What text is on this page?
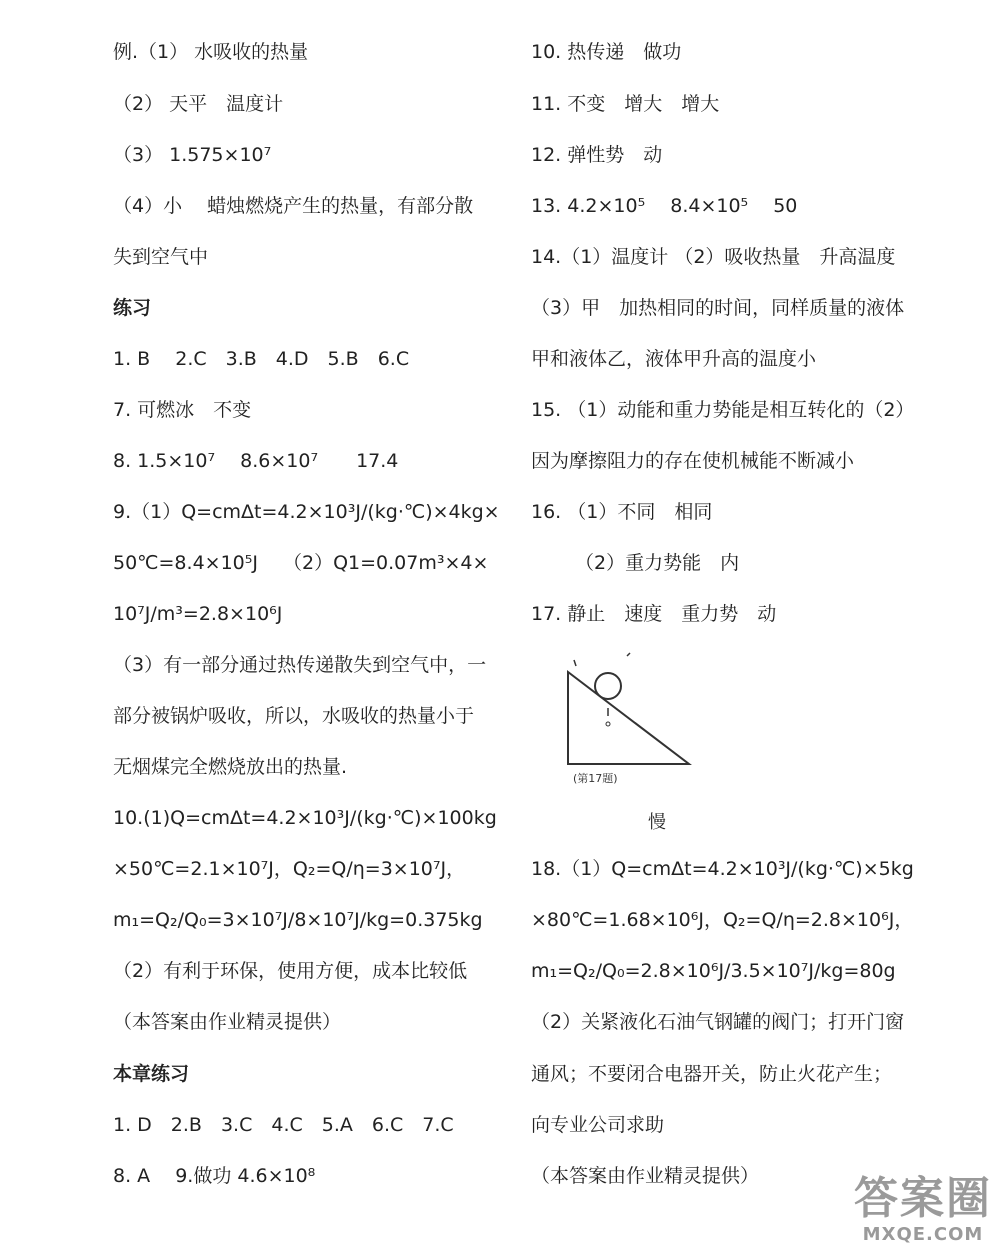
例.（1） 水吸收的热量
（2） 天平　温度计
（3） 1.575×10⁷
（4）小　 蜡烛燃烧产生的热量，有部分散
失到空气中
练习
1. B　 2.C　3.B　4.D　5.B　6.C
7. 可燃冰　不变
8. 1.5×10⁷　 8.6×10⁷　　17.4
9.（1）Q=cmΔt=4.2×10³J/(kg·℃)×4kg×
50℃=8.4×10⁵J　 （2）Q1=0.07m³×4×
10⁷J/m³=2.8×10⁶J
（3）有一部分通过热传递散失到空气中，一
部分被锅炉吸收，所以，水吸收的热量小于
无烟煤完全燃烧放出的热量.
10.(1)Q=cmΔt=4.2×10³J/(kg·℃)×100kg
×50℃=2.1×10⁷J，Q₂=Q/η=3×10⁷J，
m₁=Q₂/Q₀=3×10⁷J/8×10⁷J/kg=0.375kg
（2）有利于环保，使用方便，成本比较低
（本答案由作业精灵提供）
本章练习
1. D　2.B　3.C　4.C　5.A　6.C　7.C
8. A　 9.做功 4.6×10⁸
10. 热传递　做功
11. 不变　增大　增大
12. 弹性势　动
13. 4.2×10⁵　 8.4×10⁵　 50
14.（1）温度计 （2）吸收热量　升高温度
（3）甲　加热相同的时间，同样质量的液体
甲和液体乙，液体甲升高的温度小
15. （1）动能和重力势能是相互转化的（2）
因为摩擦阻力的存在使机械能不断减小
16. （1）不同　相同
（2）重力势能　内
17. 静止　速度　重力势　动
18.（1）Q=cmΔt=4.2×10³J/(kg·℃)×5kg
×80℃=1.68×10⁶J，Q₂=Q/η=2.8×10⁶J，
m₁=Q₂/Q₀=2.8×10⁶J/3.5×10⁷J/kg=80g
（2）关紧液化石油气钢罐的阀门；打开门窗
通风；不要闭合电器开关，防止火花产生；
向专业公司求助
（本答案由作业精灵提供）
(第17题)
慢
答案圈
MXQE.COM
